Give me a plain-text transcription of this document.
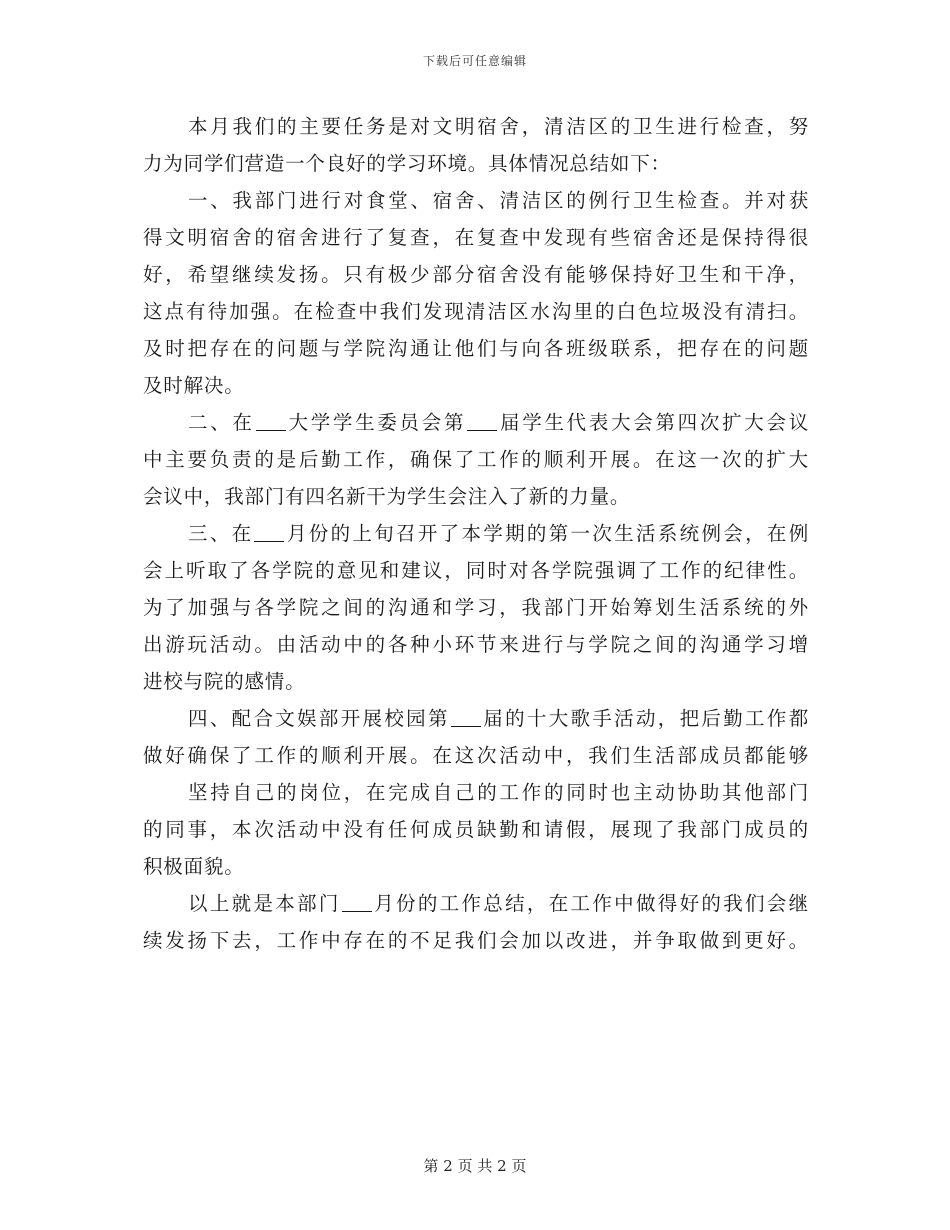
下载后可任意编辑
本月我们的主要任务是对文明宿舍，清洁区的卫生进行检查，努
力为同学们营造一个良好的学习环境。具体情况总结如下：
一、我部门进行对食堂、宿舍、清洁区的例行卫生检查。并对获
得文明宿舍的宿舍进行了复查，在复查中发现有些宿舍还是保持得很
好，希望继续发扬。只有极少部分宿舍没有能够保持好卫生和干净，
这点有待加强。在检查中我们发现清洁区水沟里的白色垃圾没有清扫。
及时把存在的问题与学院沟通让他们与向各班级联系，把存在的问题
及时解决。
二、在 大学学生委员会第 届学生代表大会第四次扩大会议
中主要负责的是后勤工作，确保了工作的顺利开展。在这一次的扩大
会议中，我部门有四名新干为学生会注入了新的力量。
三、在 月份的上旬召开了本学期的第一次生活系统例会，在例
会上听取了各学院的意见和建议，同时对各学院强调了工作的纪律性。
为了加强与各学院之间的沟通和学习，我部门开始筹划生活系统的外
出游玩活动。由活动中的各种小环节来进行与学院之间的沟通学习增
进校与院的感情。
四、配合文娱部开展校园第 届的十大歌手活动，把后勤工作都
做好确保了工作的顺利开展。在这次活动中，我们生活部成员都能够
坚持自己的岗位，在完成自己的工作的同时也主动协助其他部门
的同事，本次活动中没有任何成员缺勤和请假，展现了我部门成员的
积极面貌。
以上就是本部门 月份的工作总结，在工作中做得好的我们会继
续发扬下去，工作中存在的不足我们会加以改进，并争取做到更好。
第 2 页 共 2 页
